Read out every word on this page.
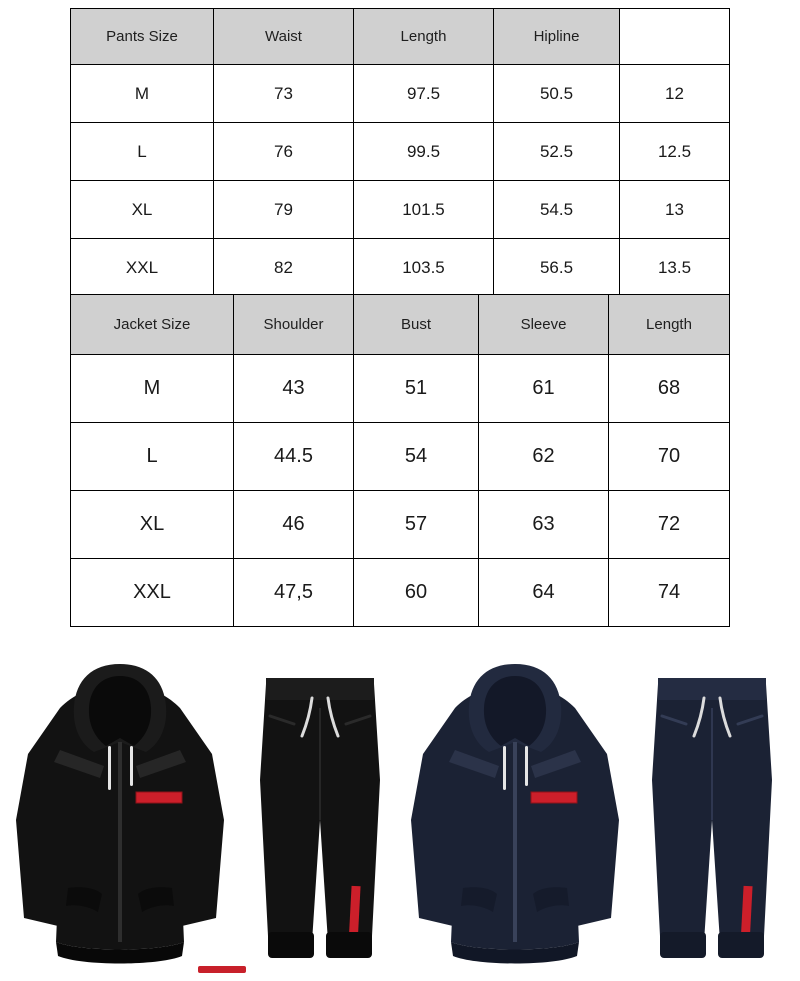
Pants Size	Waist	Length	Hipline	
M	73	97.5	50.5	12
L	76	99.5	52.5	12.5
XL	79	101.5	54.5	13
XXL	82	103.5	56.5	13.5
Jacket Size	Shoulder	Bust	Sleeve	Length
M	43	51	61	68
L	44.5	54	62	70
XL	46	57	63	72
XXL	47,5	60	64	74
